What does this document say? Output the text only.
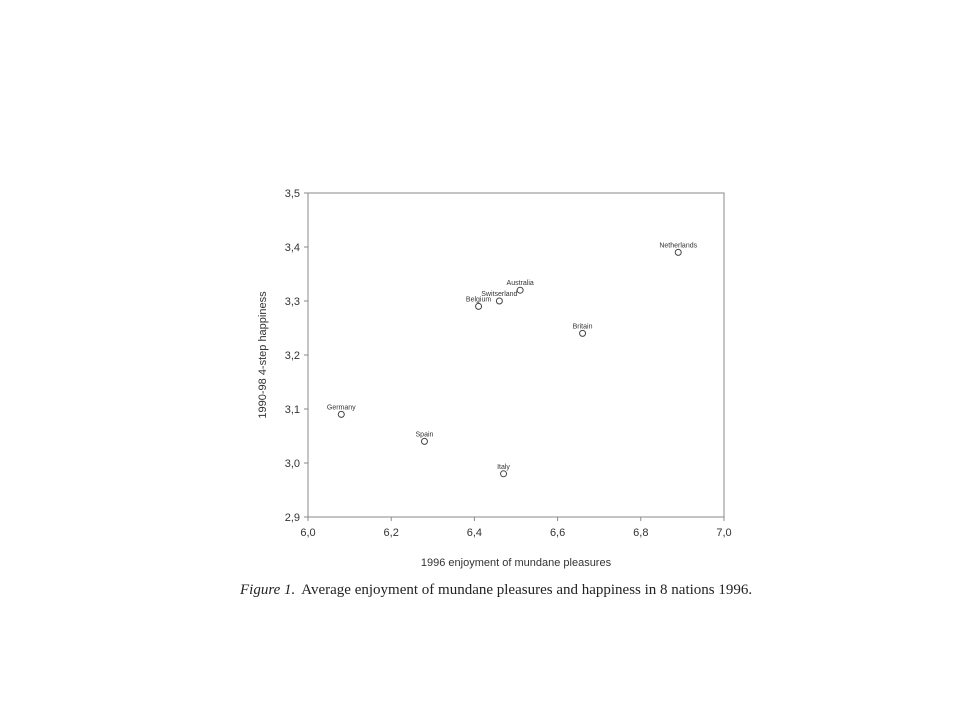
6,0	6,2	6,4	6,6	6,8	7,0
2,9
3,0
3,1
3,2
3,3
3,4
3,5
Netherlands
Australia
Switserland
Belgium
Britain
Germany
Spain
Italy
1996 enjoyment of mundane pleasures
1990-98 4-step happiness
Figure 1. Average enjoyment of mundane pleasures and happiness in 8 nations 1996.
